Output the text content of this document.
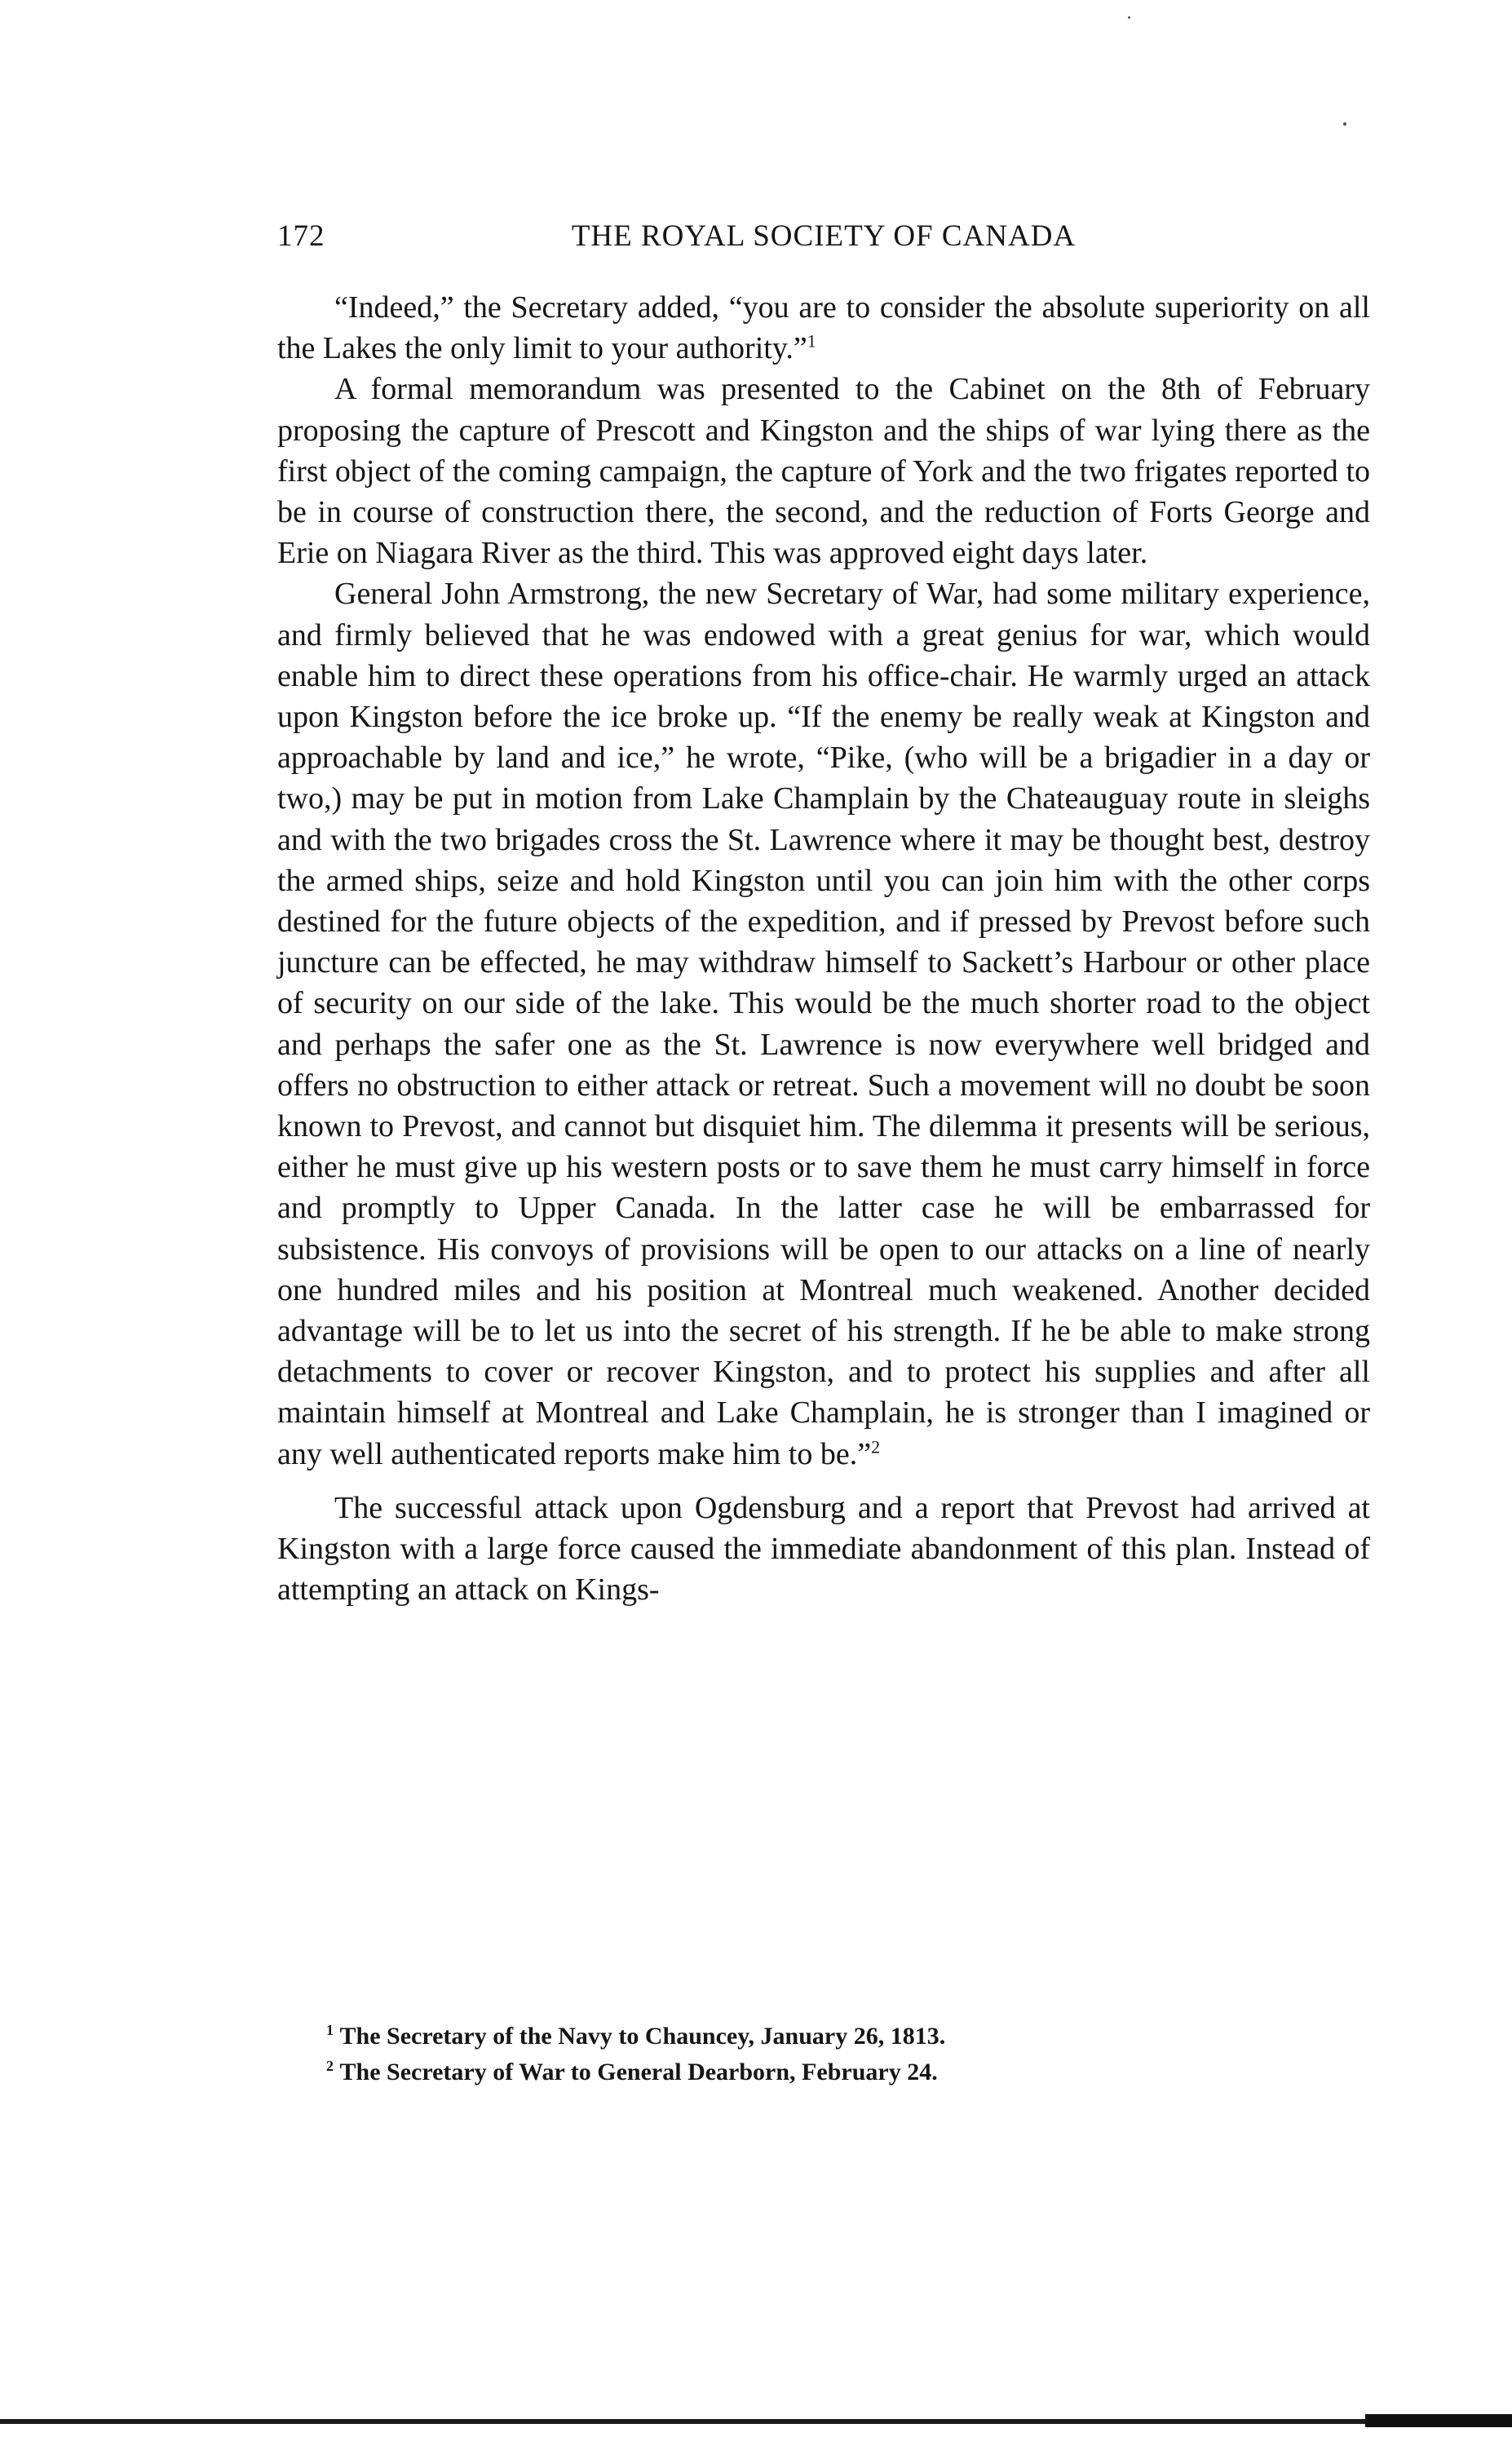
172	THE ROYAL SOCIETY OF CANADA

“Indeed,” the Secretary added, “you are to consider the absolute superiority on all the Lakes the only limit to your authority.”$^1$

A formal memorandum was presented to the Cabinet on the 8th of February proposing the capture of Prescott and Kingston and the ships of war lying there as the first object of the coming campaign, the capture of York and the two frigates reported to be in course of construction there, the second, and the reduction of Forts George and Erie on Niagara River as the third. This was approved eight days later.

General John Armstrong, the new Secretary of War, had some military experience, and firmly believed that he was endowed with a great genius for war, which would enable him to direct these operations from his office-chair. He warmly urged an attack upon Kingston before the ice broke up. “If the enemy be really weak at Kingston and approachable by land and ice,” he wrote, “Pike, (who will be a brigadier in a day or two,) may be put in motion from Lake Champlain by the Chateauguay route in sleighs and with the two brigades cross the St. Lawrence where it may be thought best, destroy the armed ships, seize and hold Kingston until you can join him with the other corps destined for the future objects of the expedition, and if pressed by Prevost before such juncture can be effected, he may withdraw himself to Sackett’s Harbour or other place of security on our side of the lake. This would be the much shorter road to the object and perhaps the safer one as the St. Lawrence is now everywhere well bridged and offers no obstruction to either attack or retreat. Such a movement will no doubt be soon known to Prevost, and cannot but disquiet him. The dilemma it presents will be serious, either he must give up his western posts or to save them he must carry himself in force and promptly to Upper Canada. In the latter case he will be embarrassed for subsistence. His convoys of provisions will be open to our attacks on a line of nearly one hundred miles and his position at Montreal much weakened. Another decided advantage will be to let us into the secret of his strength. If he be able to make strong detachments to cover or recover Kingston, and to protect his supplies and after all maintain himself at Montreal and Lake Champlain, he is stronger than I imagined or any well authenticated reports make him to be.”$^2$

The successful attack upon Ogdensburg and a report that Prevost had arrived at Kingston with a large force caused the immediate abandonment of this plan. Instead of attempting an attack on Kings-

$^1$ The Secretary of the Navy to Chauncey, January 26, 1813.

$^2$ The Secretary of War to General Dearborn, February 24.
